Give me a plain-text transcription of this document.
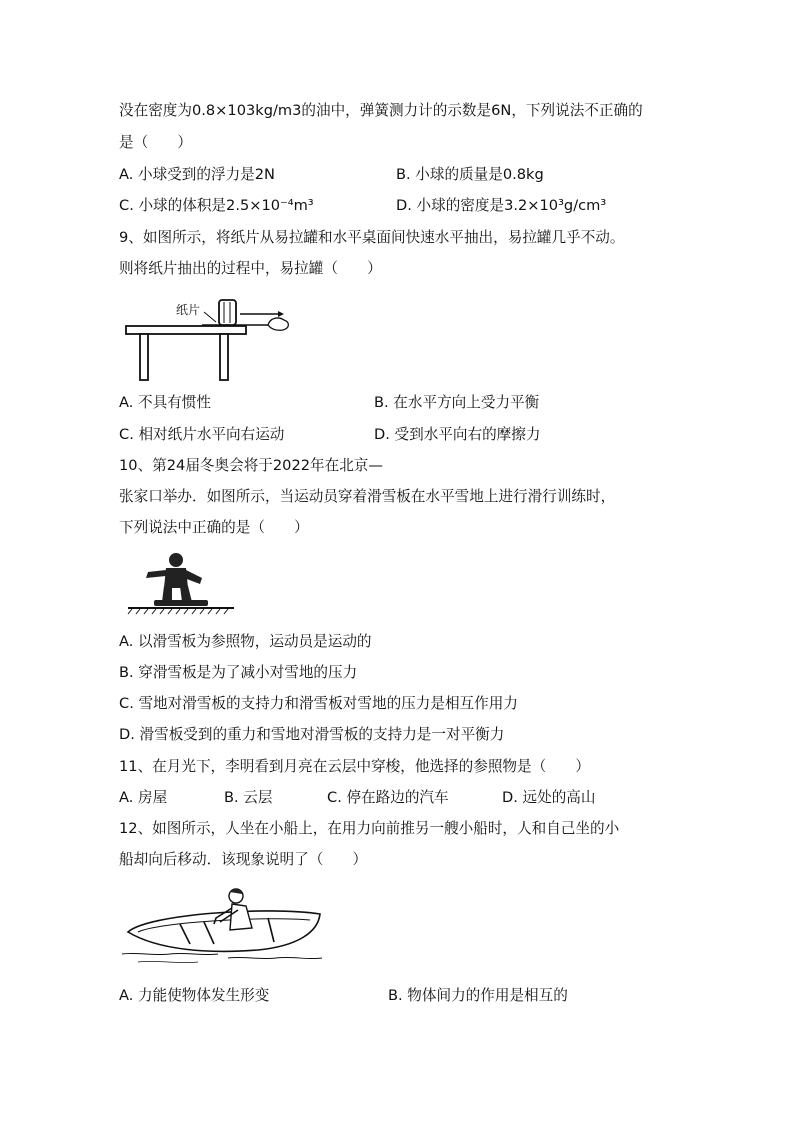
没在密度为0.8×103kg/m3的油中，弹簧测力计的示数是6N，下列说法不正确的
是（　　）
A. 小球受到的浮力是2N	B. 小球的质量是0.8kg
C. 小球的体积是2.5×10⁻⁴m³	D. 小球的密度是3.2×10³g/cm³
9、如图所示，将纸片从易拉罐和水平桌面间快速水平抽出，易拉罐几乎不动。
则将纸片抽出的过程中，易拉罐（　　）
纸片
A. 不具有惯性	B. 在水平方向上受力平衡
C. 相对纸片水平向右运动	D. 受到水平向右的摩擦力
10、第24届冬奥会将于2022年在北京—
张家口举办．如图所示，当运动员穿着滑雪板在水平雪地上进行滑行训练时，
下列说法中正确的是（　　）
A. 以滑雪板为参照物，运动员是运动的
B. 穿滑雪板是为了减小对雪地的压力
C. 雪地对滑雪板的支持力和滑雪板对雪地的压力是相互作用力
D. 滑雪板受到的重力和雪地对滑雪板的支持力是一对平衡力
11、在月光下，李明看到月亮在云层中穿梭，他选择的参照物是（　　）
A. 房屋	B. 云层	C. 停在路边的汽车	D. 远处的高山
12、如图所示，人坐在小船上，在用力向前推另一艘小船时，人和自己坐的小
船却向后移动．该现象说明了（　　）
A. 力能使物体发生形变	B. 物体间力的作用是相互的
